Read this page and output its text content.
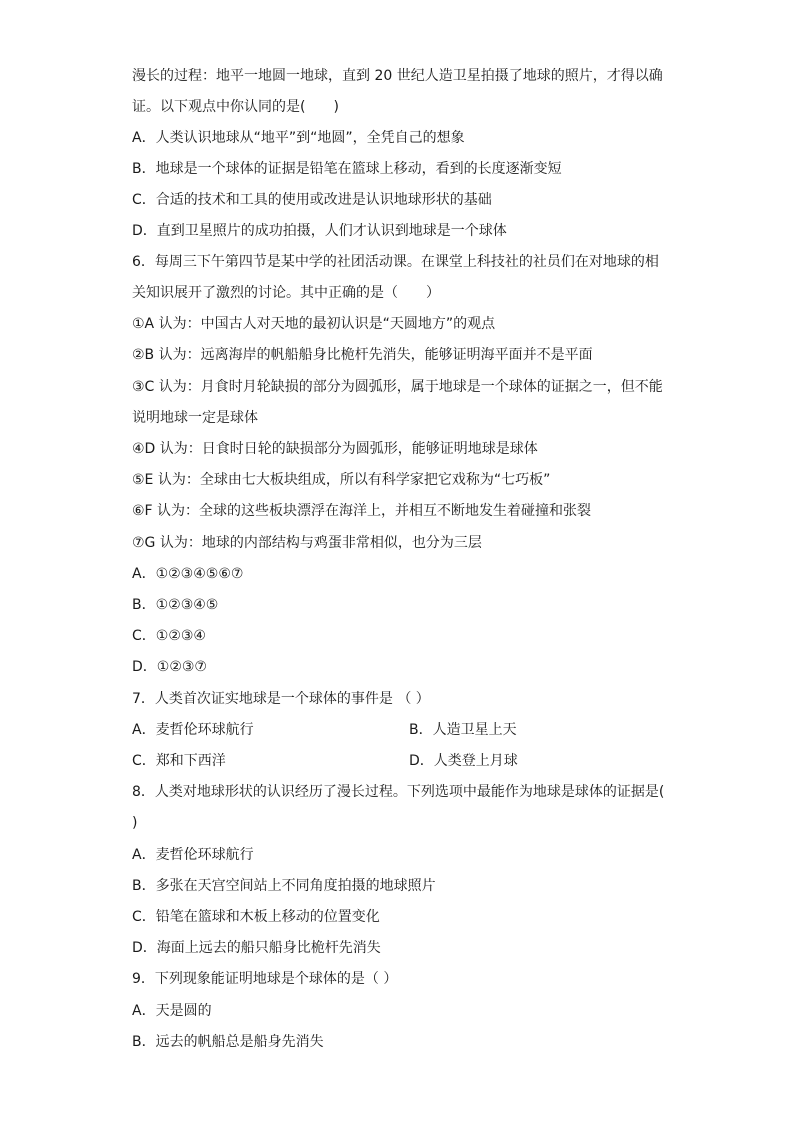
漫长的过程：地平一地圆一地球，直到 20 世纪人造卫星拍摄了地球的照片，才得以确
证。以下观点中你认同的是(　　)
A．人类认识地球从“地平”到“地圆”，全凭自己的想象
B．地球是一个球体的证据是铅笔在篮球上移动，看到的长度逐渐变短
C．合适的技术和工具的使用或改进是认识地球形状的基础
D．直到卫星照片的成功拍摄，人们才认识到地球是一个球体
6．每周三下午第四节是某中学的社团活动课。在课堂上科技社的社员们在对地球的相
关知识展开了激烈的讨论。其中正确的是（　　）
①A 认为：中国古人对天地的最初认识是“天圆地方”的观点
②B 认为：远离海岸的帆船船身比桅杆先消失，能够证明海平面并不是平面
③C 认为：月食时月轮缺损的部分为圆弧形，属于地球是一个球体的证据之一，但不能
说明地球一定是球体
④D 认为：日食时日轮的缺损部分为圆弧形，能够证明地球是球体
⑤E 认为：全球由七大板块组成，所以有科学家把它戏称为“七巧板”
⑥F 认为：全球的这些板块漂浮在海洋上，并相互不断地发生着碰撞和张裂
⑦G 认为：地球的内部结构与鸡蛋非常相似，也分为三层
A．①②③④⑤⑥⑦
B．①②③④⑤
C．①②③④
D．①②③⑦
7．人类首次证实地球是一个球体的事件是 （ ）
A．麦哲伦环球航行	B．人造卫星上天
C．郑和下西洋	D．人类登上月球
8．人类对地球形状的认识经历了漫长过程。下列选项中最能作为地球是球体的证据是(
)
A．麦哲伦环球航行
B．多张在天宫空间站上不同角度拍摄的地球照片
C．铅笔在篮球和木板上移动的位置变化
D．海面上远去的船只船身比桅杆先消失
9．下列现象能证明地球是个球体的是（ ）
A．天是圆的
B．远去的帆船总是船身先消失
